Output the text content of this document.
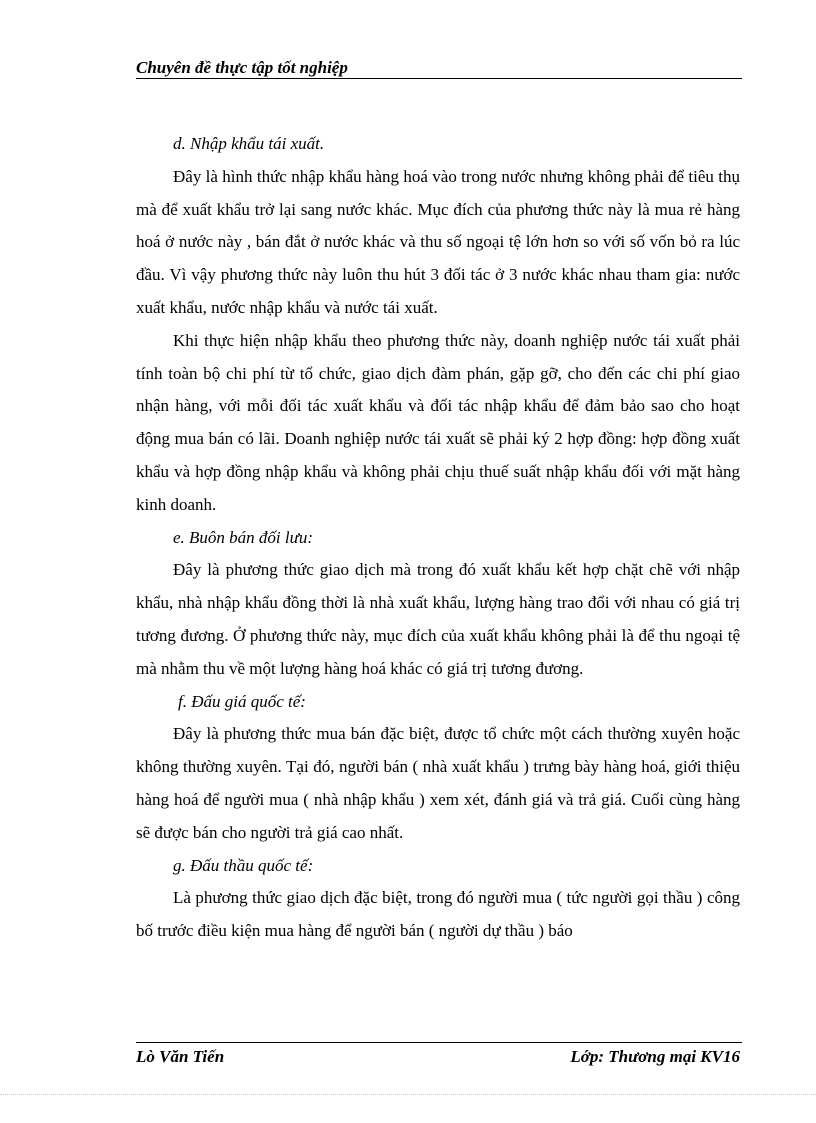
Chuyên đề thực tập tốt nghiệp

d. Nhập khẩu tái xuất.

Đây là hình thức nhập khẩu hàng hoá vào trong nước nhưng không phải để tiêu thụ mà để xuất khẩu trở lại sang nước khác. Mục đích của phương thức này là mua rẻ hàng hoá ở nước này , bán đắt ở nước khác và thu số ngoại tệ lớn hơn so với số vốn bỏ ra lúc đầu. Vì vậy phương thức này luôn thu hút 3 đối tác ở 3 nước khác nhau tham gia: nước xuất khẩu, nước nhập khẩu và nước tái xuất.

Khi thực hiện nhập khẩu theo phương thức này, doanh nghiệp nước tái xuất phải tính toàn bộ chi phí từ tổ chức, giao dịch đàm phán, gặp gỡ, cho đến các chi phí giao nhận hàng, với mỗi đối tác xuất khẩu và đối tác nhập khẩu để đảm bảo sao cho hoạt động mua bán có lãi. Doanh nghiệp nước tái xuất sẽ phải ký 2 hợp đồng: hợp đồng xuất khẩu và hợp đồng nhập khẩu và không phải chịu thuế suất nhập khẩu đối với mặt hàng kinh doanh.

e. Buôn bán đối lưu:

Đây là phương thức giao dịch mà trong đó xuất khẩu kết hợp chặt chẽ với nhập khẩu, nhà nhập khẩu đồng thời là nhà xuất khẩu, lượng hàng trao đổi với nhau có giá trị tương đương. Ở phương thức này, mục đích của xuất khẩu không phải là để thu ngoại tệ mà nhằm thu về một lượng hàng hoá khác có giá trị tương đương.

f. Đấu giá quốc tế:

Đây là phương thức mua bán đặc biệt, được tổ chức một cách thường xuyên hoặc không thường xuyên. Tại đó, người bán ( nhà xuất khẩu ) trưng bày hàng hoá, giới thiệu hàng hoá để người mua ( nhà nhập khẩu ) xem xét, đánh giá và trả giá. Cuối cùng hàng sẽ được bán cho người trả giá cao nhất.

g. Đấu thầu quốc tế:

Là phương thức giao dịch đặc biệt, trong đó người mua ( tức người gọi thầu ) công bố trước điều kiện mua hàng để người bán ( người dự thầu ) báo

Lò Văn Tiến	Lớp: Thương mại KV16
